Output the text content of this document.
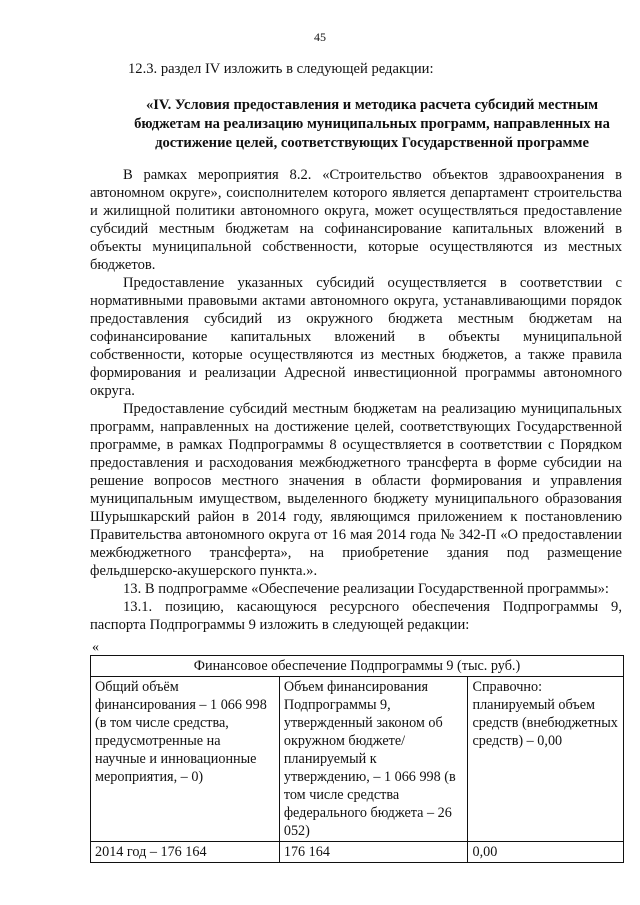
45
12.3. раздел IV изложить в следующей редакции:
«IV. Условия предоставления и методика расчета субсидий местным бюджетам на реализацию муниципальных программ, направленных на достижение целей, соответствующих Государственной программе

В рамках мероприятия 8.2. «Строительство объектов здравоохранения в автономном округе», соисполнителем которого является департамент строительства и жилищной политики автономного округа, может осуществляться предоставление субсидий местным бюджетам на софинансирование капитальных вложений в объекты муниципальной собственности, которые осуществляются из местных бюджетов.

Предоставление указанных субсидий осуществляется в соответствии с нормативными правовыми актами автономного округа, устанавливающими порядок предоставления субсидий из окружного бюджета местным бюджетам на софинансирование капитальных вложений в объекты муниципальной собственности, которые осуществляются из местных бюджетов, а также правила формирования и реализации Адресной инвестиционной программы автономного округа.

Предоставление субсидий местным бюджетам на реализацию муниципальных программ, направленных на достижение целей, соответствующих Государственной программе, в рамках Подпрограммы 8 осуществляется в соответствии с Порядком предоставления и расходования межбюджетного трансферта в форме субсидии на решение вопросов местного значения в области формирования и управления муниципальным имуществом, выделенного бюджету муниципального образования Шурышкарский район в 2014 году, являющимся приложением к постановлению Правительства автономного округа от 16 мая 2014 года № 342-П «О предоставлении межбюджетного трансферта», на приобретение здания под размещение фельдшерско-акушерского пункта.».

13. В подпрограмме «Обеспечение реализации Государственной программы»:

13.1. позицию, касающуюся ресурсного обеспечения Подпрограммы 9, паспорта Подпрограммы 9 изложить в следующей редакции:

«
Финансовое обеспечение Подпрограммы 9 (тыс. руб.)		
Общий объём финансирования – 1 066 998 (в том числе средства, предусмотренные на научные и инновационные мероприятия, – 0)	Объем финансирования Подпрограммы 9, утвержденный законом об окружном бюджете/ планируемый к утверждению, – 1 066 998 (в том числе средства федерального бюджета – 26 052)	Справочно: планируемый объем средств (внебюджетных средств) – 0,00
2014 год – 176 164	176 164	0,00
